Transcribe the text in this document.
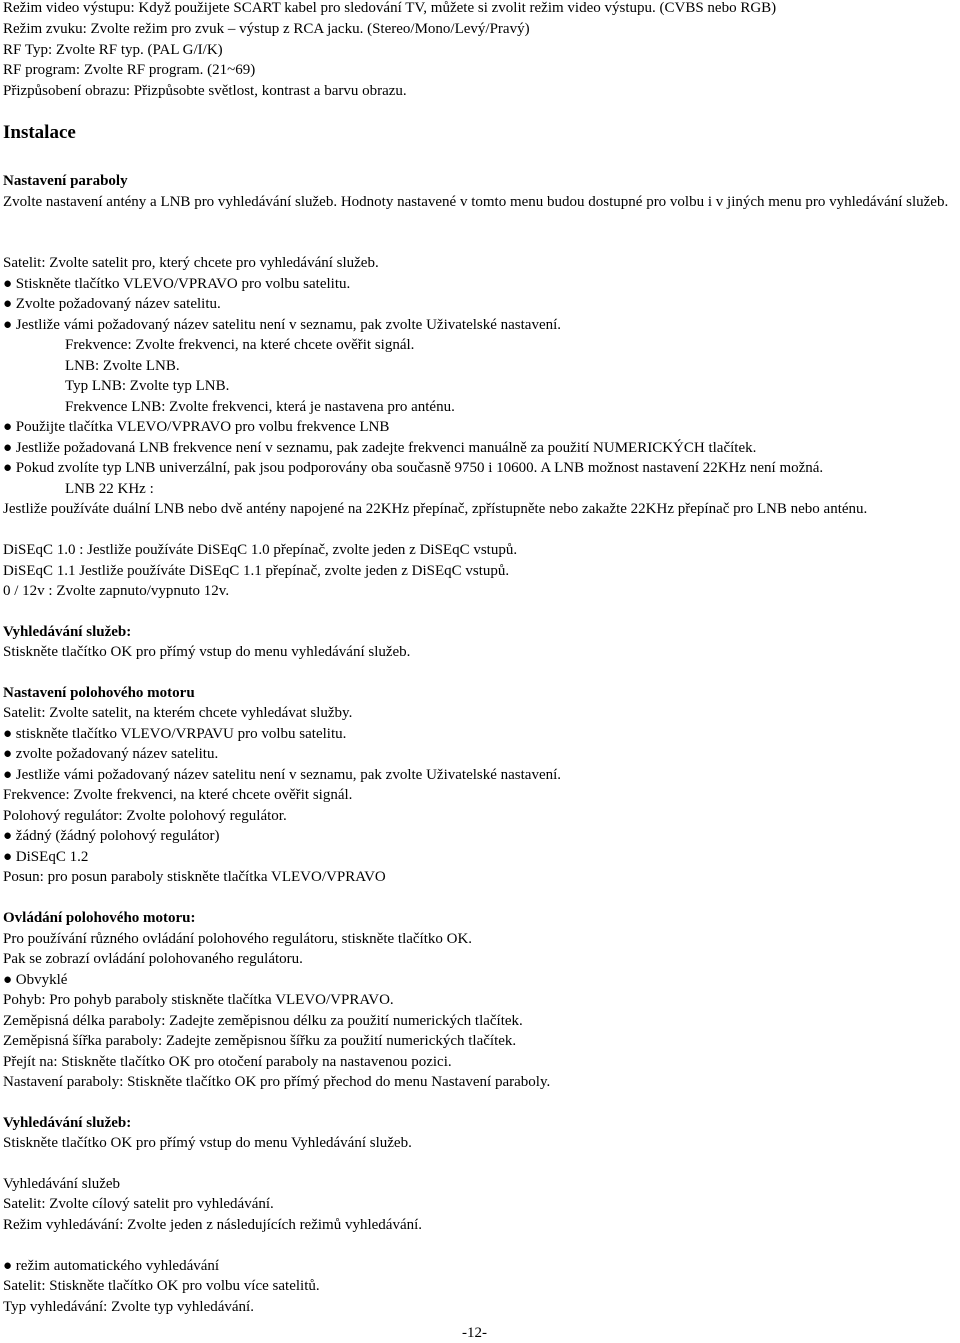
Režim video výstupu: Když použijete SCART kabel pro sledování TV, můžete si zvolit režim video výstupu. (CVBS nebo RGB)
Režim zvuku: Zvolte režim pro zvuk – výstup z RCA jacku. (Stereo/Mono/Levý/Pravý)
RF Typ: Zvolte RF typ. (PAL G/I/K)
RF program: Zvolte RF program. (21~69)
Přizpůsobení obrazu: Přizpůsobte světlost, kontrast a barvu obrazu.
Instalace
Nastavení paraboly
Zvolte nastavení antény a LNB pro vyhledávání služeb. Hodnoty nastavené v tomto menu budou dostupné pro volbu i v jiných menu pro vyhledávání služeb.
Satelit: Zvolte satelit pro, který chcete pro vyhledávání služeb.
● Stiskněte tlačítko VLEVO/VPRAVO pro volbu satelitu.
● Zvolte požadovaný název satelitu.
● Jestliže vámi požadovaný název satelitu není v seznamu, pak zvolte Uživatelské nastavení.
Frekvence: Zvolte frekvenci, na které chcete ověřit signál.
LNB: Zvolte LNB.
Typ LNB: Zvolte typ LNB.
Frekvence LNB: Zvolte frekvenci, která je nastavena pro anténu.
● Použijte tlačítka VLEVO/VPRAVO pro volbu frekvence LNB
● Jestliže požadovaná LNB frekvence není v seznamu, pak zadejte frekvenci manuálně za použití NUMERICKÝCH tlačítek.
● Pokud zvolíte typ LNB univerzální, pak jsou podporovány oba současně 9750 i 10600. A LNB možnost nastavení 22KHz není možná.
LNB 22 KHz :
Jestliže používáte duální LNB nebo dvě antény napojené na 22KHz přepínač, zpřístupněte nebo zakažte 22KHz přepínač pro LNB nebo anténu.
DiSEqC 1.0 : Jestliže používáte DiSEqC 1.0 přepínač, zvolte jeden z DiSEqC vstupů.
DiSEqC 1.1 Jestliže používáte DiSEqC 1.1 přepínač, zvolte jeden z DiSEqC vstupů.
0 / 12v : Zvolte zapnuto/vypnuto 12v.
Vyhledávání služeb:
Stiskněte tlačítko OK pro přímý vstup do menu vyhledávání služeb.
Nastavení polohového motoru
Satelit: Zvolte satelit, na kterém chcete vyhledávat služby.
● stiskněte tlačítko VLEVO/VRPAVU pro volbu satelitu.
● zvolte požadovaný název satelitu.
● Jestliže vámi požadovaný název satelitu není v seznamu, pak zvolte Uživatelské nastavení.
Frekvence: Zvolte frekvenci, na které chcete ověřit signál.
Polohový regulátor: Zvolte polohový regulátor.
● žádný (žádný polohový regulátor)
● DiSEqC 1.2
Posun: pro posun paraboly stiskněte tlačítka VLEVO/VPRAVO
Ovládání polohového motoru:
Pro používání různého ovládání polohového regulátoru, stiskněte tlačítko OK.
Pak se zobrazí ovládání polohovaného regulátoru.
● Obvyklé
Pohyb: Pro pohyb paraboly stiskněte tlačítka VLEVO/VPRAVO.
Zeměpisná délka paraboly: Zadejte zeměpisnou délku za použití numerických tlačítek.
Zeměpisná šířka paraboly: Zadejte zeměpisnou šířku za použití numerických tlačítek.
Přejít na: Stiskněte tlačítko OK pro otočení paraboly na nastavenou pozici.
Nastavení paraboly: Stiskněte tlačítko OK pro přímý přechod do menu Nastavení paraboly.
Vyhledávání služeb:
Stiskněte tlačítko OK pro přímý vstup do menu Vyhledávání služeb.
Vyhledávání služeb
Satelit: Zvolte cílový satelit pro vyhledávání.
Režim vyhledávání: Zvolte jeden z následujících režimů vyhledávání.
● režim automatického vyhledávání
Satelit: Stiskněte tlačítko OK pro volbu více satelitů.
Typ vyhledávání: Zvolte typ vyhledávání.
-12-
